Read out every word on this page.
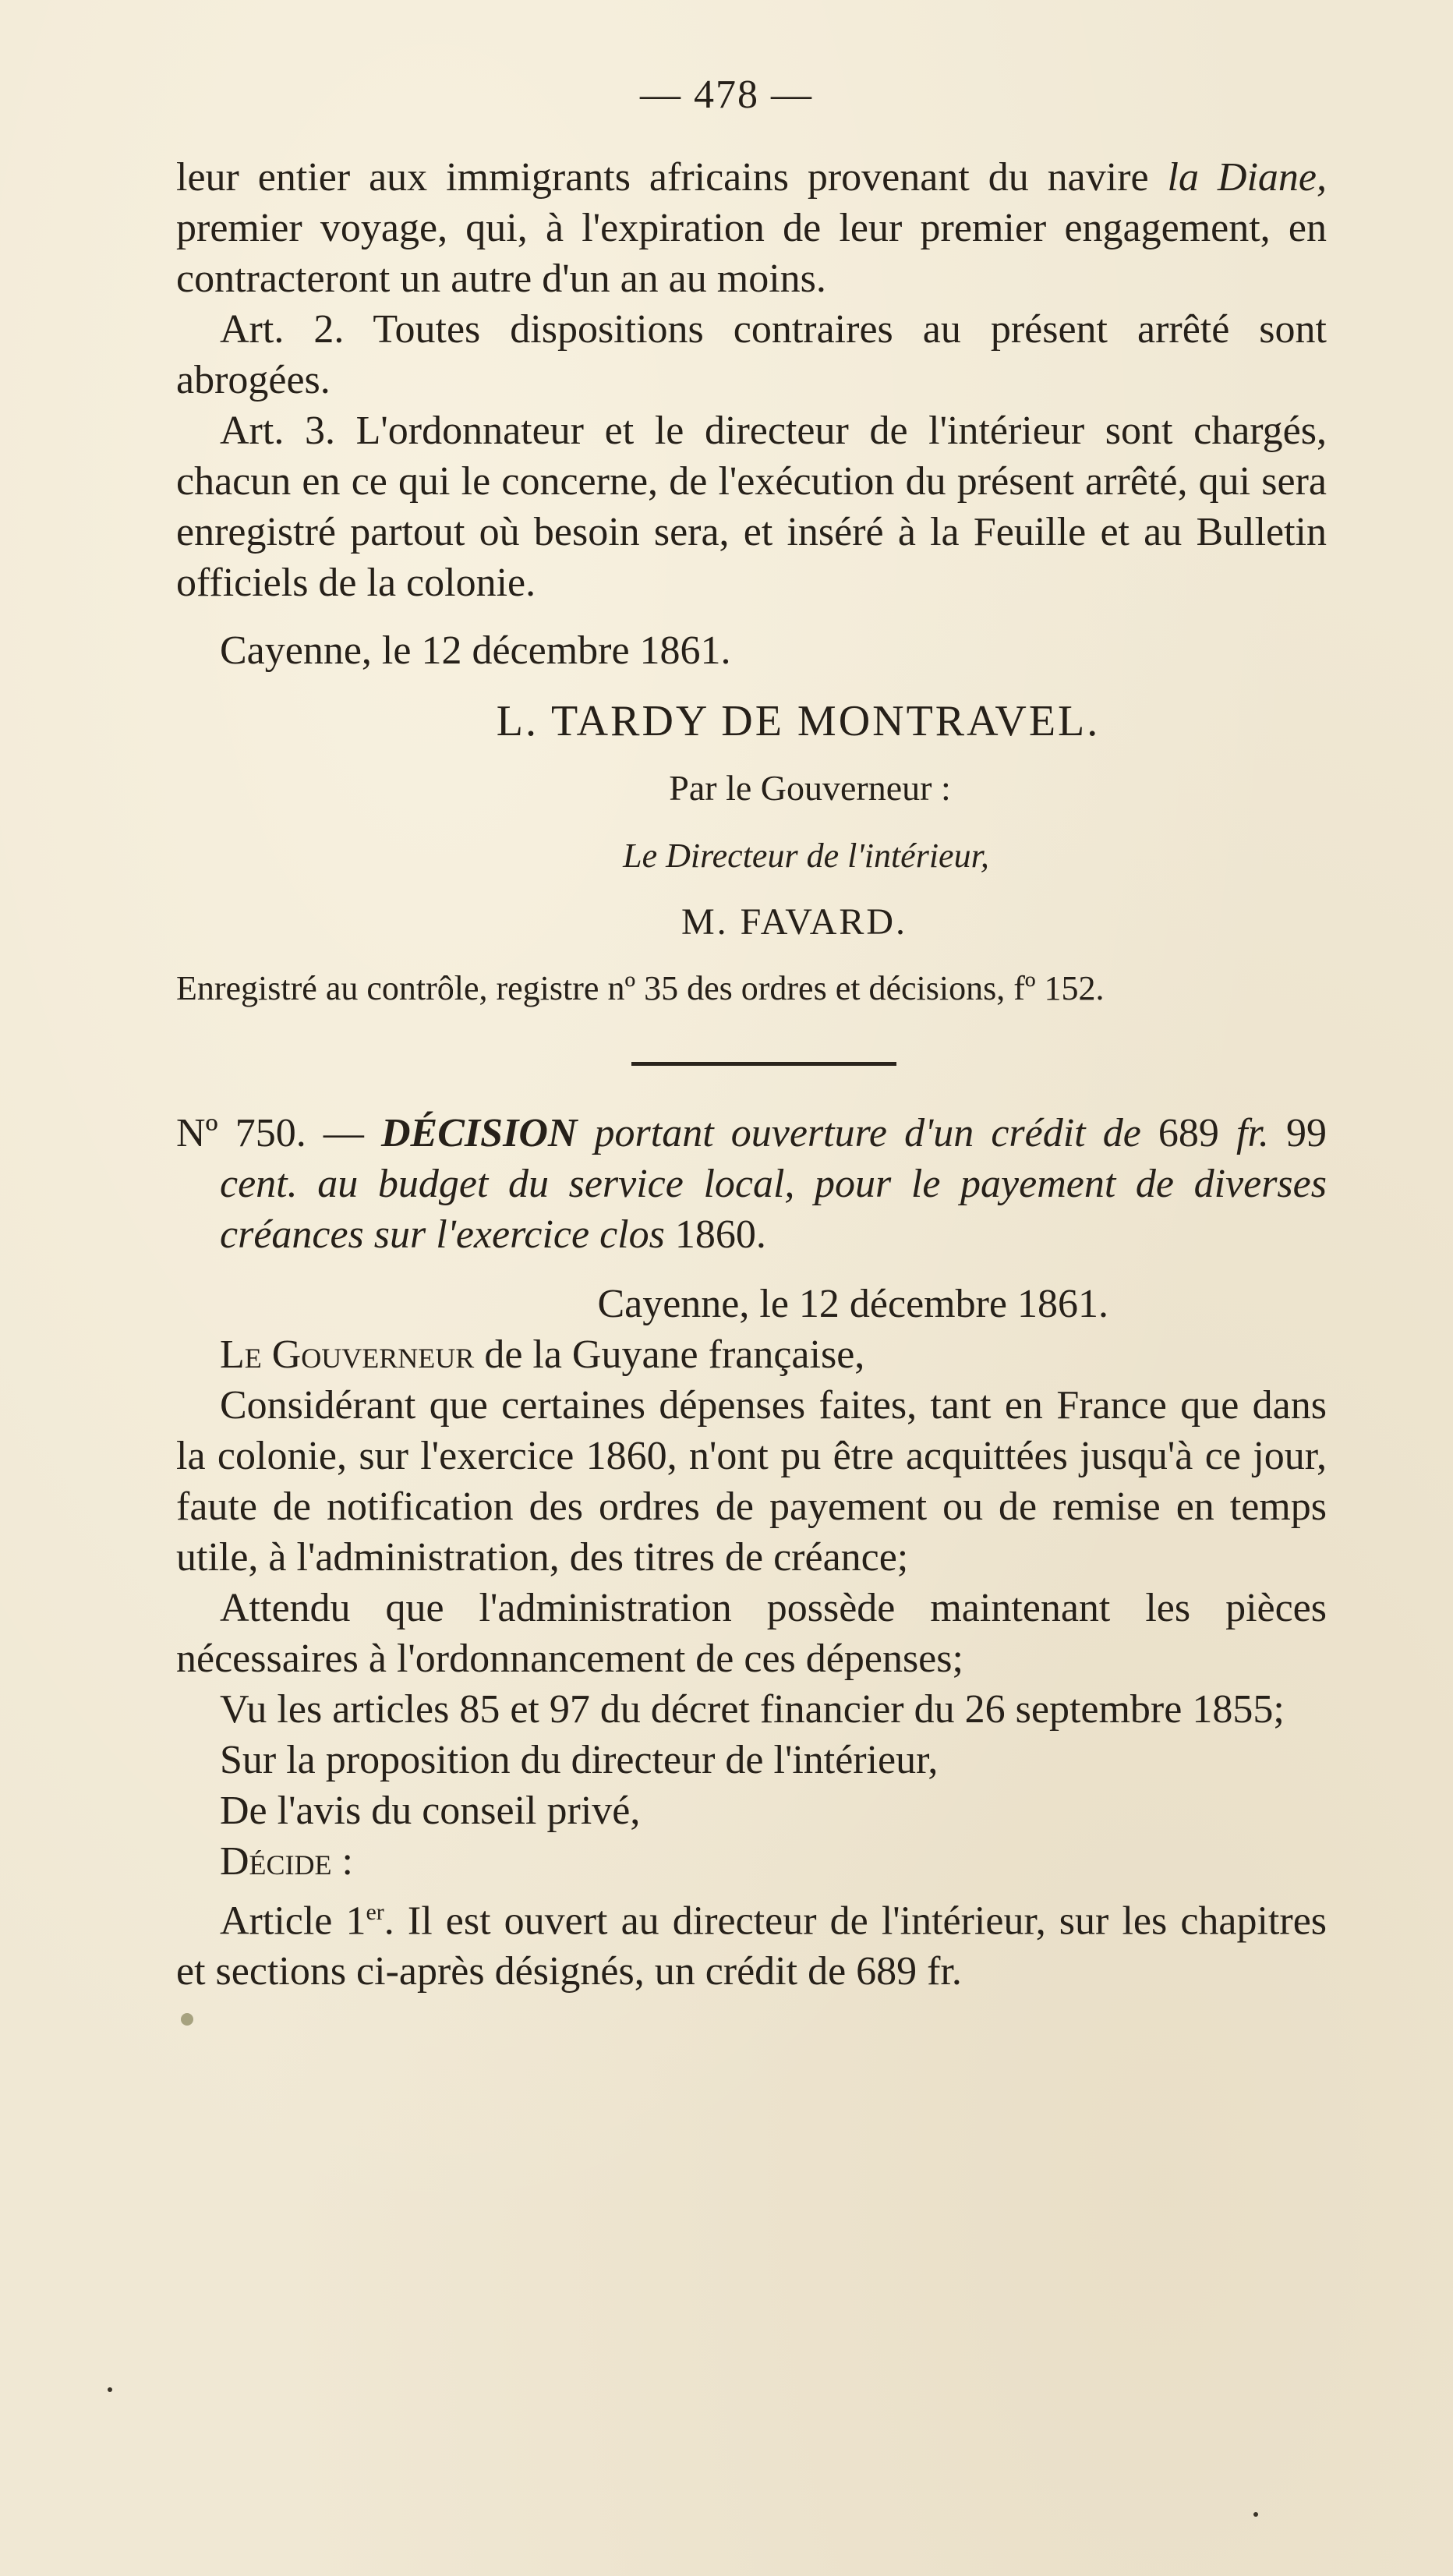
— 478 —

leur entier aux immigrants africains provenant du navire la Diane, premier voyage, qui, à l'expiration de leur premier engagement, en contracteront un autre d'un an au moins.

Art. 2. Toutes dispositions contraires au présent arrêté sont abrogées.

Art. 3. L'ordonnateur et le directeur de l'intérieur sont chargés, chacun en ce qui le concerne, de l'exécution du présent arrêté, qui sera enregistré partout où besoin sera, et inséré à la Feuille et au Bulletin officiels de la colonie.

Cayenne, le 12 décembre 1861.

L. TARDY DE MONTRAVEL.

Par le Gouverneur :

Le Directeur de l'intérieur,

M. FAVARD.

Enregistré au contrôle, registre nº 35 des ordres et décisions, fº 152.

Nº 750. — DÉCISION portant ouverture d'un crédit de 689 fr. 99 cent. au budget du service local, pour le payement de diverses créances sur l'exercice clos 1860.

Cayenne, le 12 décembre 1861.

Le Gouverneur de la Guyane française,

Considérant que certaines dépenses faites, tant en France que dans la colonie, sur l'exercice 1860, n'ont pu être acquittées jusqu'à ce jour, faute de notification des ordres de payement ou de remise en temps utile, à l'administration, des titres de créance;

Attendu que l'administration possède maintenant les pièces nécessaires à l'ordonnancement de ces dépenses;

Vu les articles 85 et 97 du décret financier du 26 septembre 1855;

Sur la proposition du directeur de l'intérieur,

De l'avis du conseil privé,

Décide :

Article 1er. Il est ouvert au directeur de l'intérieur, sur les chapitres et sections ci-après désignés, un crédit de 689 fr.
